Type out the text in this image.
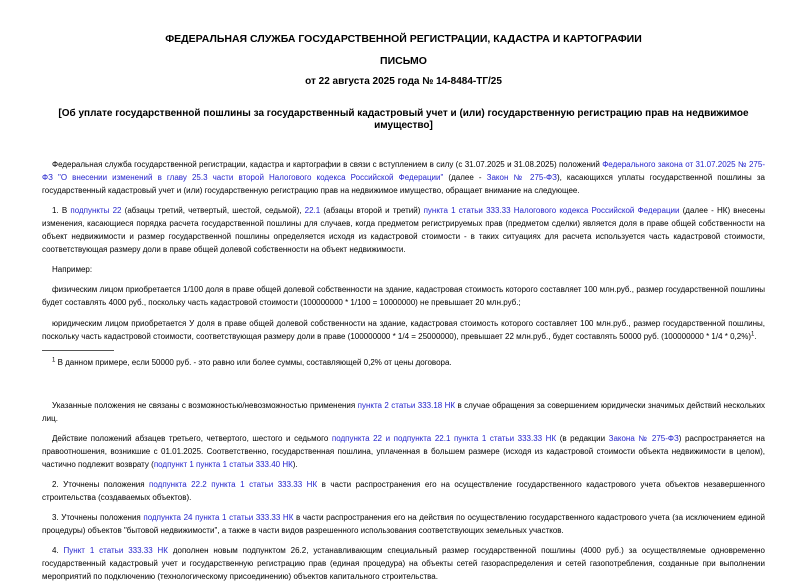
ФЕДЕРАЛЬНАЯ СЛУЖБА ГОСУДАРСТВЕННОЙ РЕГИСТРАЦИИ, КАДАСТРА И КАРТОГРАФИИ
ПИСЬМО
от 22 августа 2025 года № 14-8484-ТГ/25
[Об уплате государственной пошлины за государственный кадастровый учет и (или) государственную регистрацию прав на недвижимое имущество]
Федеральная служба государственной регистрации, кадастра и картографии в связи с вступлением в силу (с 31.07.2025 и 31.08.2025) положений Федерального закона от 31.07.2025 № 275-ФЗ "О внесении изменений в главу 25.3 части второй Налогового кодекса Российской Федерации" (далее - Закон № 275-ФЗ), касающихся уплаты государственной пошлины за государственный кадастровый учет и (или) государственную регистрацию прав на недвижимое имущество, обращает внимание на следующее.
1. В подпункты 22 (абзацы третий, четвертый, шестой, седьмой), 22.1 (абзацы второй и третий) пункта 1 статьи 333.33 Налогового кодекса Российской Федерации (далее - НК) внесены изменения, касающиеся порядка расчета государственной пошлины для случаев, когда предметом регистрируемых прав (предметом сделки) является доля в праве общей собственности на объект недвижимости и размер государственной пошлины определяется исходя из кадастровой стоимости - в таких ситуациях для расчета используется часть кадастровой стоимости, соответствующая размеру доли в праве общей долевой собственности на объект недвижимости.
Например:
физическим лицом приобретается 1/100 доля в праве общей долевой собственности на здание, кадастровая стоимость которого составляет 100 млн.руб., размер государственной пошлины будет составлять 4000 руб., поскольку часть кадастровой стоимости (100000000 * 1/100 = 10000000) не превышает 20 млн.руб.;
юридическим лицом приобретается У доля в праве общей долевой собственности на здание, кадастровая стоимость которого составляет 100 млн.руб., размер государственной пошлины, поскольку часть кадастровой стоимости, соответствующая размеру доли в праве (100000000 * 1/4 = 25000000), превышает 22 млн.руб., будет составлять 50000 руб. (100000000 * 1/4 * 0,2%)$^1$.
$^1$ В данном примере, если 50000 руб. - это равно или более суммы, составляющей 0,2% от цены договора.
Указанные положения не связаны с возможностью/невозможностью применения пункта 2 статьи 333.18 НК в случае обращения за совершением юридически значимых действий нескольких лиц.
Действие положений абзацев третьего, четвертого, шестого и седьмого подпункта 22 и подпункта 22.1 пункта 1 статьи 333.33 НК (в редакции Закона № 275-ФЗ) распространяется на правоотношения, возникшие с 01.01.2025. Соответственно, государственная пошлина, уплаченная в большем размере (исходя из кадастровой стоимости объекта недвижимости в целом), частично подлежит возврату (подпункт 1 пункта 1 статьи 333.40 НК).
2. Уточнены положения подпункта 22.2 пункта 1 статьи 333.33 НК в части распространения его на осуществление государственного кадастрового учета объектов незавершенного строительства (создаваемых объектов).
3. Уточнены положения подпункта 24 пункта 1 статьи 333.33 НК в части распространения его на действия по осуществлению государственного кадастрового учета (за исключением единой процедуры) объектов "бытовой недвижимости", а также в части видов разрешенного использования соответствующих земельных участков.
4. Пункт 1 статьи 333.33 НК дополнен новым подпунктом 26.2, устанавливающим специальный размер государственной пошлины (4000 руб.) за осуществляемые одновременно государственный кадастровый учет и государственную регистрацию прав (единая процедура) на объекты сетей газораспределения и сетей газопотребления, созданные при выполнении мероприятий по подключению (технологическому присоединению) объектов капитального строительства.
